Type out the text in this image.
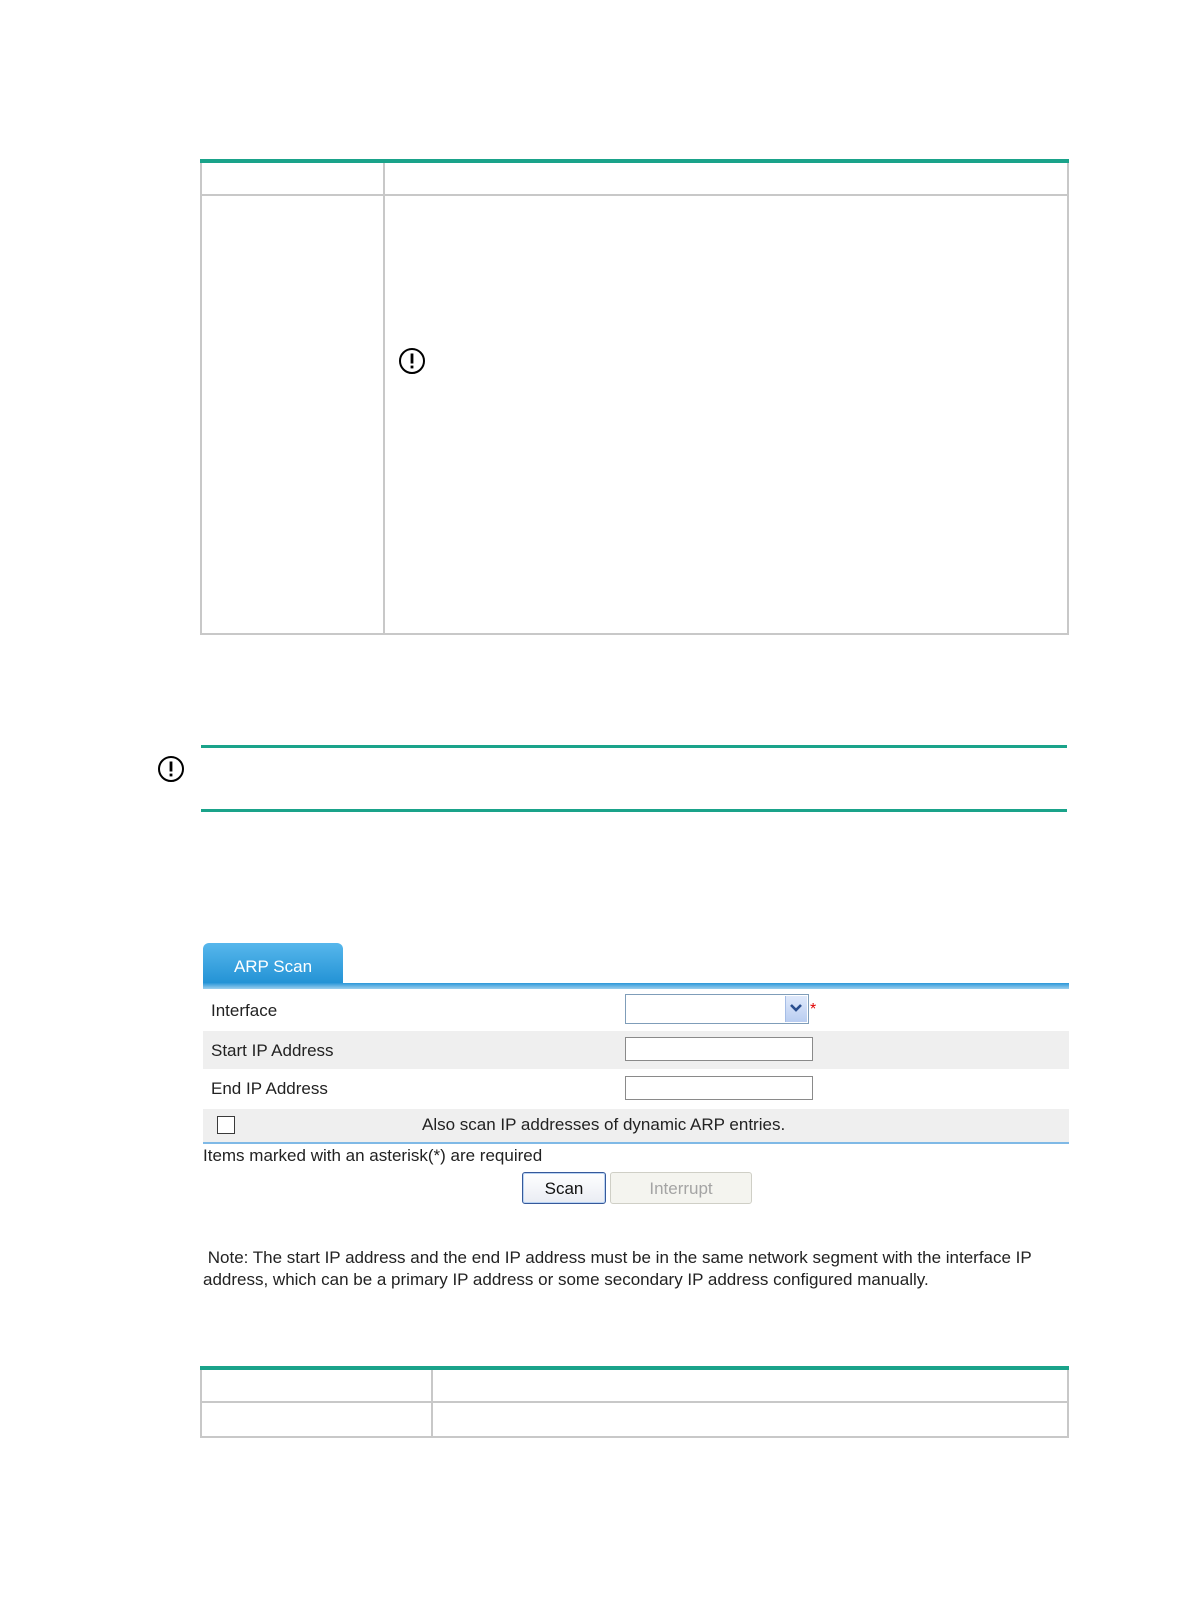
ARP Scan
Interface	*
Start IP Address
End IP Address
Also scan IP addresses of dynamic ARP entries.
Items marked with an asterisk(*) are required
Scan	Interrupt
Note: The start IP address and the end IP address must be in the same network segment with the interface IP address, which can be a primary IP address or some secondary IP address configured manually.
